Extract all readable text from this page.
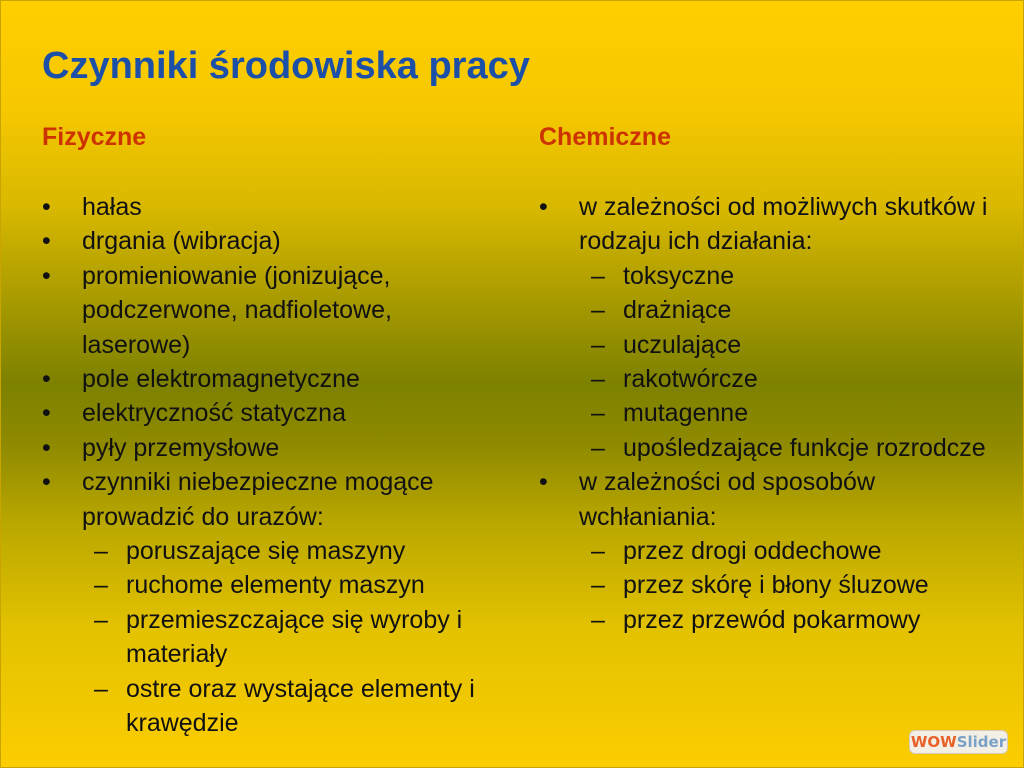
Czynniki środowiska pracy
Fizyczne
• hałas
• drgania (wibracja)
• promieniowanie (jonizujące, podczerwone, nadfioletowe, laserowe)
• pole elektromagnetyczne
• elektryczność statyczna
• pyły przemysłowe
• czynniki niebezpieczne mogące prowadzić do urazów:
– poruszające się maszyny
– ruchome elementy maszyn
– przemieszczające się wyroby i materiały
– ostre oraz wystające elementy i krawędzie
Chemiczne
• w zależności od możliwych skutków i rodzaju ich działania:
– toksyczne
– drażniące
– uczulające
– rakotwórcze
– mutagenne
– upośledzające funkcje rozrodcze
• w zależności od sposobów wchłaniania:
– przez drogi oddechowe
– przez skórę i błony śluzowe
– przez przewód pokarmowy
WOWSlider
